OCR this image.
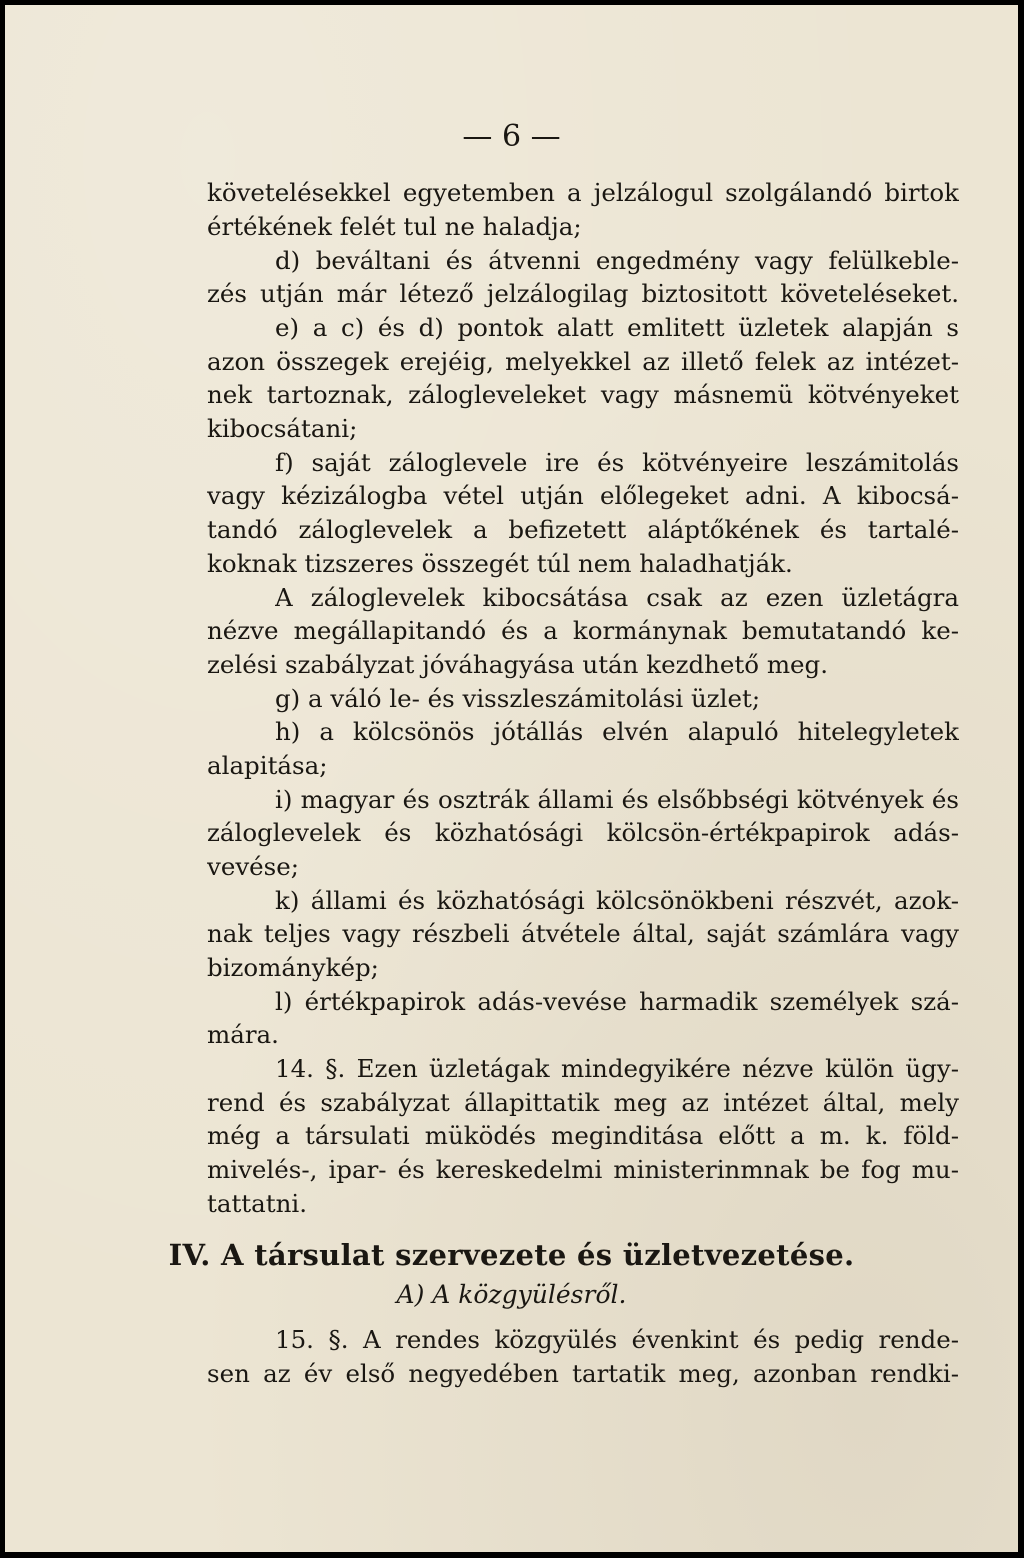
— 6 —
követelésekkel egyetemben a jelzálogul szolgálandó birtok
értékének felét tul ne haladja;
d) beváltani és átvenni engedmény vagy felülkeble-
zés utján már létező jelzálogilag biztositott követeléseket.
e) a c) és d) pontok alatt emlitett üzletek alapján s
azon összegek erejéig, melyekkel az illető felek az intézet-
nek tartoznak, zálogleveleket vagy másnemü kötvényeket
kibocsátani;
f) saját záloglevele ire és kötvényeire leszámitolás
vagy kézizálogba vétel utján előlegeket adni. A kibocsá-
tandó záloglevelek a befizetett aláptőkének és tartalé-
koknak tizszeres összegét túl nem haladhatják.
A záloglevelek kibocsátása csak az ezen üzletágra
nézve megállapitandó és a kormánynak bemutatandó ke-
zelési szabályzat jóváhagyása után kezdhető meg.
g) a váló le- és visszleszámitolási üzlet;
h) a kölcsönös jótállás elvén alapuló hitelegyletek
alapitása;
i) magyar és osztrák állami és elsőbbségi kötvények és
záloglevelek és közhatósági kölcsön-értékpapirok adás-
vevése;
k) állami és közhatósági kölcsönökbeni részvét, azok-
nak teljes vagy részbeli átvétele által, saját számlára vagy
bizománykép;
l) értékpapirok adás-vevése harmadik személyek szá-
mára.
14. §. Ezen üzletágak mindegyikére nézve külön ügy-
rend és szabályzat állapittatik meg az intézet által, mely
még a társulati müködés meginditása előtt a m. k. föld-
mivelés-, ipar- és kereskedelmi ministerinmnak be fog mu-
tattatni.
IV. A társulat szervezete és üzletvezetése.
A) A közgyülésről.
15. §. A rendes közgyülés évenkint és pedig rende-
sen az év első negyedében tartatik meg, azonban rendki-
